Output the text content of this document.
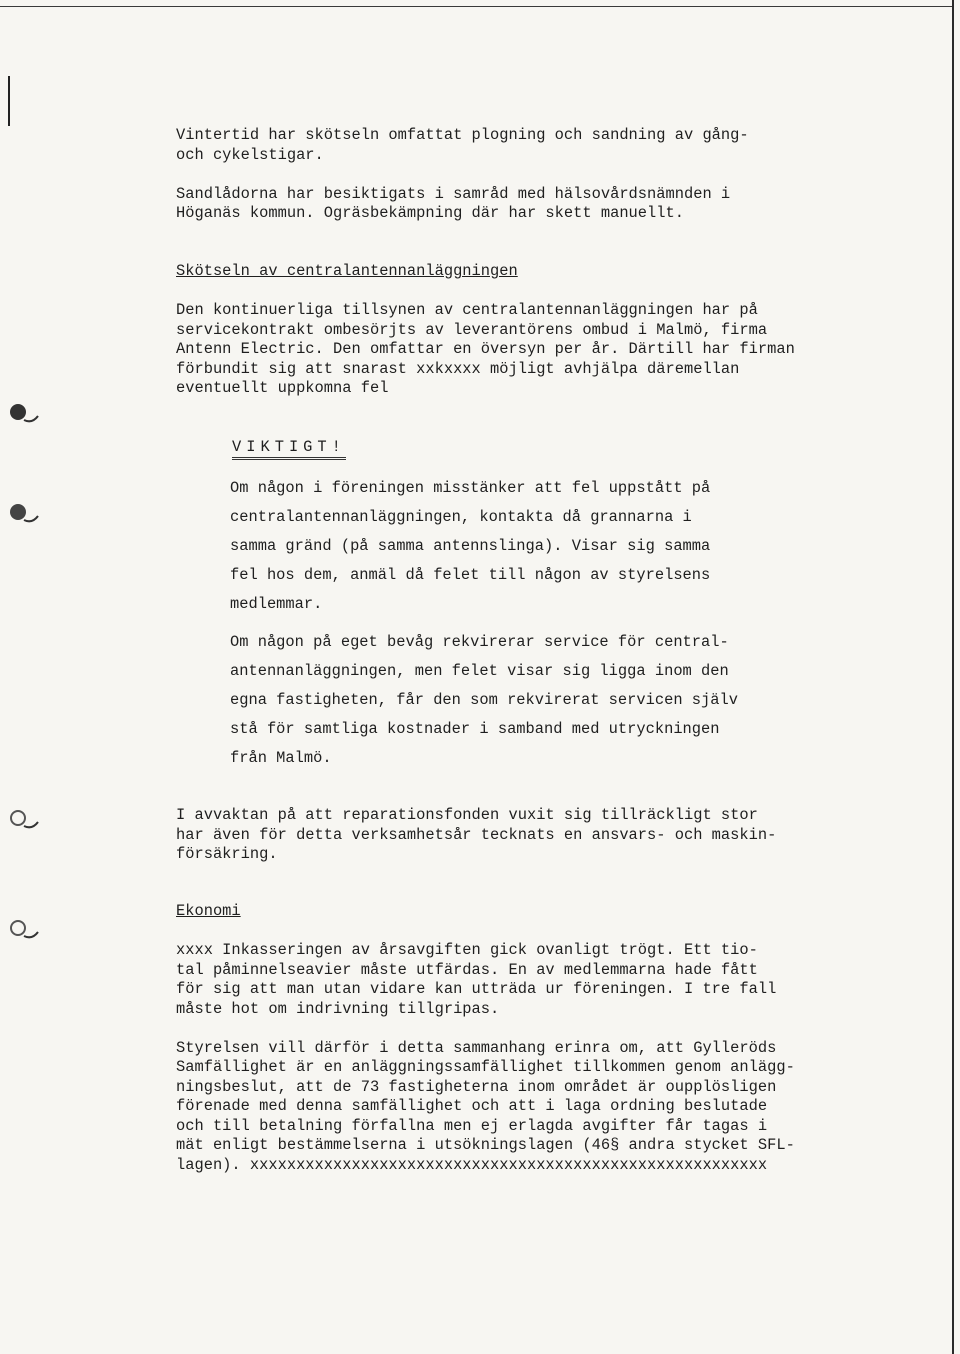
Vintertid har skötseln omfattat plogning och sandning av gång-

och cykelstigar.

Sandlådorna har besiktigats i samråd med hälsovårdsnämnden i

Höganäs kommun. Ogräsbekämpning där har skett manuellt.

Skötseln av centralantennanläggningen

Den kontinuerliga tillsynen av centralantennanläggningen har på

servicekontrakt ombesörjts av leverantörens ombud i Malmö, firma

Antenn Electric. Den omfattar en översyn per år. Därtill har firman

förbundit sig att snarast xxkxxxx möjligt avhjälpa däremellan

eventuellt uppkomna fel

VIKTIGT!

Om någon i föreningen misstänker att fel uppstått på

centralantennanläggningen, kontakta då grannarna i

samma gränd (på samma antennslinga). Visar sig samma

fel hos dem, anmäl då felet till någon av styrelsens

medlemmar.

Om någon på eget bevåg rekvirerar service för central-

antennanläggningen, men felet visar sig ligga inom den

egna fastigheten, får den som rekvirerat servicen själv

stå för samtliga kostnader i samband med utryckningen

från Malmö.

I avvaktan på att reparationsfonden vuxit sig tillräckligt stor

har även för detta verksamhetsår tecknats en ansvars- och maskin-

försäkring.

Ekonomi

xxxx Inkasseringen av årsavgiften gick ovanligt trögt. Ett tio-

tal påminnelseavier måste utfärdas. En av medlemmarna hade fått

för sig att man utan vidare kan utträda ur föreningen. I tre fall

måste hot om indrivning tillgripas.

Styrelsen vill därför i detta sammanhang erinra om, att Gylleröds

Samfällighet är en anläggningssamfällighet tillkommen genom anlägg-

ningsbeslut, att de 73 fastigheterna inom området är oupplösligen

förenade med denna samfällighet och att i laga ordning beslutade

och till betalning förfallna men ej erlagda avgifter får tagas i

mät enligt bestämmelserna i utsökningslagen (46§ andra stycket SFL-

lagen). xxxxxxxxxxxxxxxxxxxxxxxxxxxxxxxxxxxxxxxxxxxxxxxxxxxxxxxx
